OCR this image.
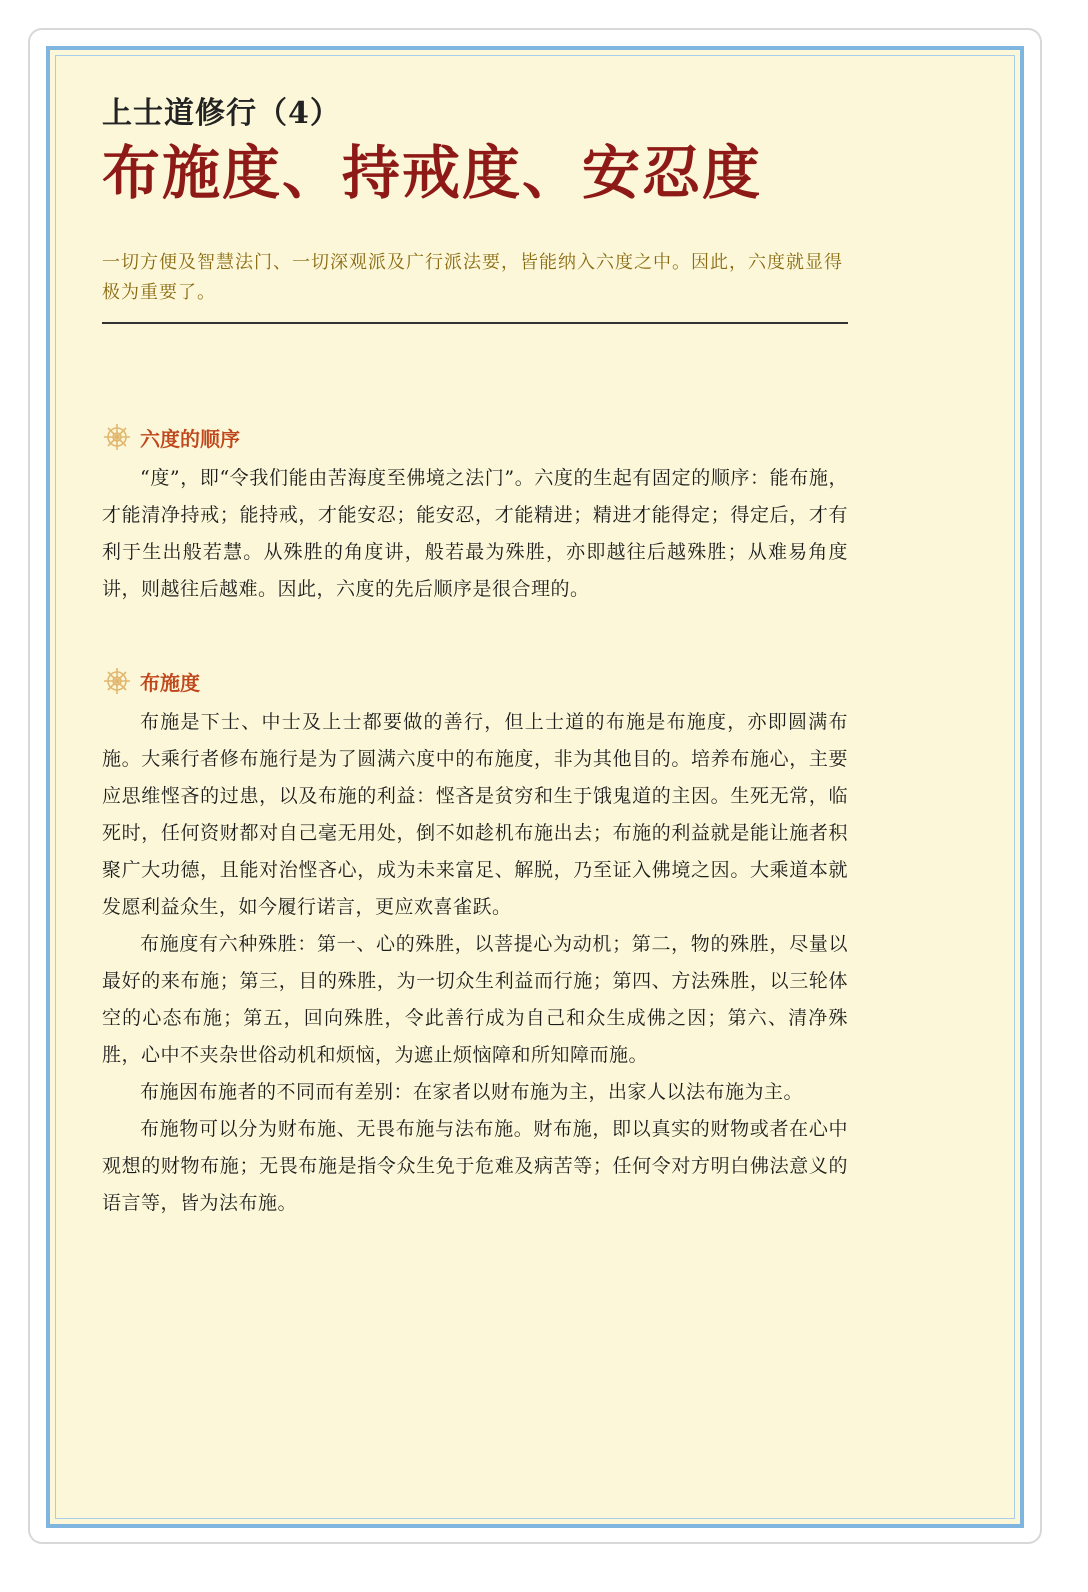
上士道修行（4）
布施度、持戒度、安忍度
一切方便及智慧法门、一切深观派及广行派法要，皆能纳入六度之中。因此，六度就显得极为重要了。
六度的顺序

“度”，即“令我们能由苦海度至佛境之法门”。六度的生起有固定的顺序：能布施，才能清净持戒；能持戒，才能安忍；能安忍，才能精进；精进才能得定；得定后，才有利于生出般若慧。从殊胜的角度讲，般若最为殊胜，亦即越往后越殊胜；从难易角度讲，则越往后越难。因此，六度的先后顺序是很合理的。

布施度

布施是下士、中士及上士都要做的善行，但上士道的布施是布施度，亦即圆满布施。大乘行者修布施行是为了圆满六度中的布施度，非为其他目的。培养布施心，主要应思维悭吝的过患，以及布施的利益：悭吝是贫穷和生于饿鬼道的主因。生死无常，临死时，任何资财都对自己毫无用处，倒不如趁机布施出去；布施的利益就是能让施者积聚广大功德，且能对治悭吝心，成为未来富足、解脱，乃至证入佛境之因。大乘道本就发愿利益众生，如今履行诺言，更应欢喜雀跃。

布施度有六种殊胜：第一、心的殊胜，以菩提心为动机；第二，物的殊胜，尽量以最好的来布施；第三，目的殊胜，为一切众生利益而行施；第四、方法殊胜，以三轮体空的心态布施；第五，回向殊胜，令此善行成为自己和众生成佛之因；第六、清净殊胜，心中不夹杂世俗动机和烦恼，为遮止烦恼障和所知障而施。

布施因布施者的不同而有差别：在家者以财布施为主，出家人以法布施为主。

布施物可以分为财布施、无畏布施与法布施。财布施，即以真实的财物或者在心中观想的财物布施；无畏布施是指令众生免于危难及病苦等；任何令对方明白佛法意义的语言等，皆为法布施。
